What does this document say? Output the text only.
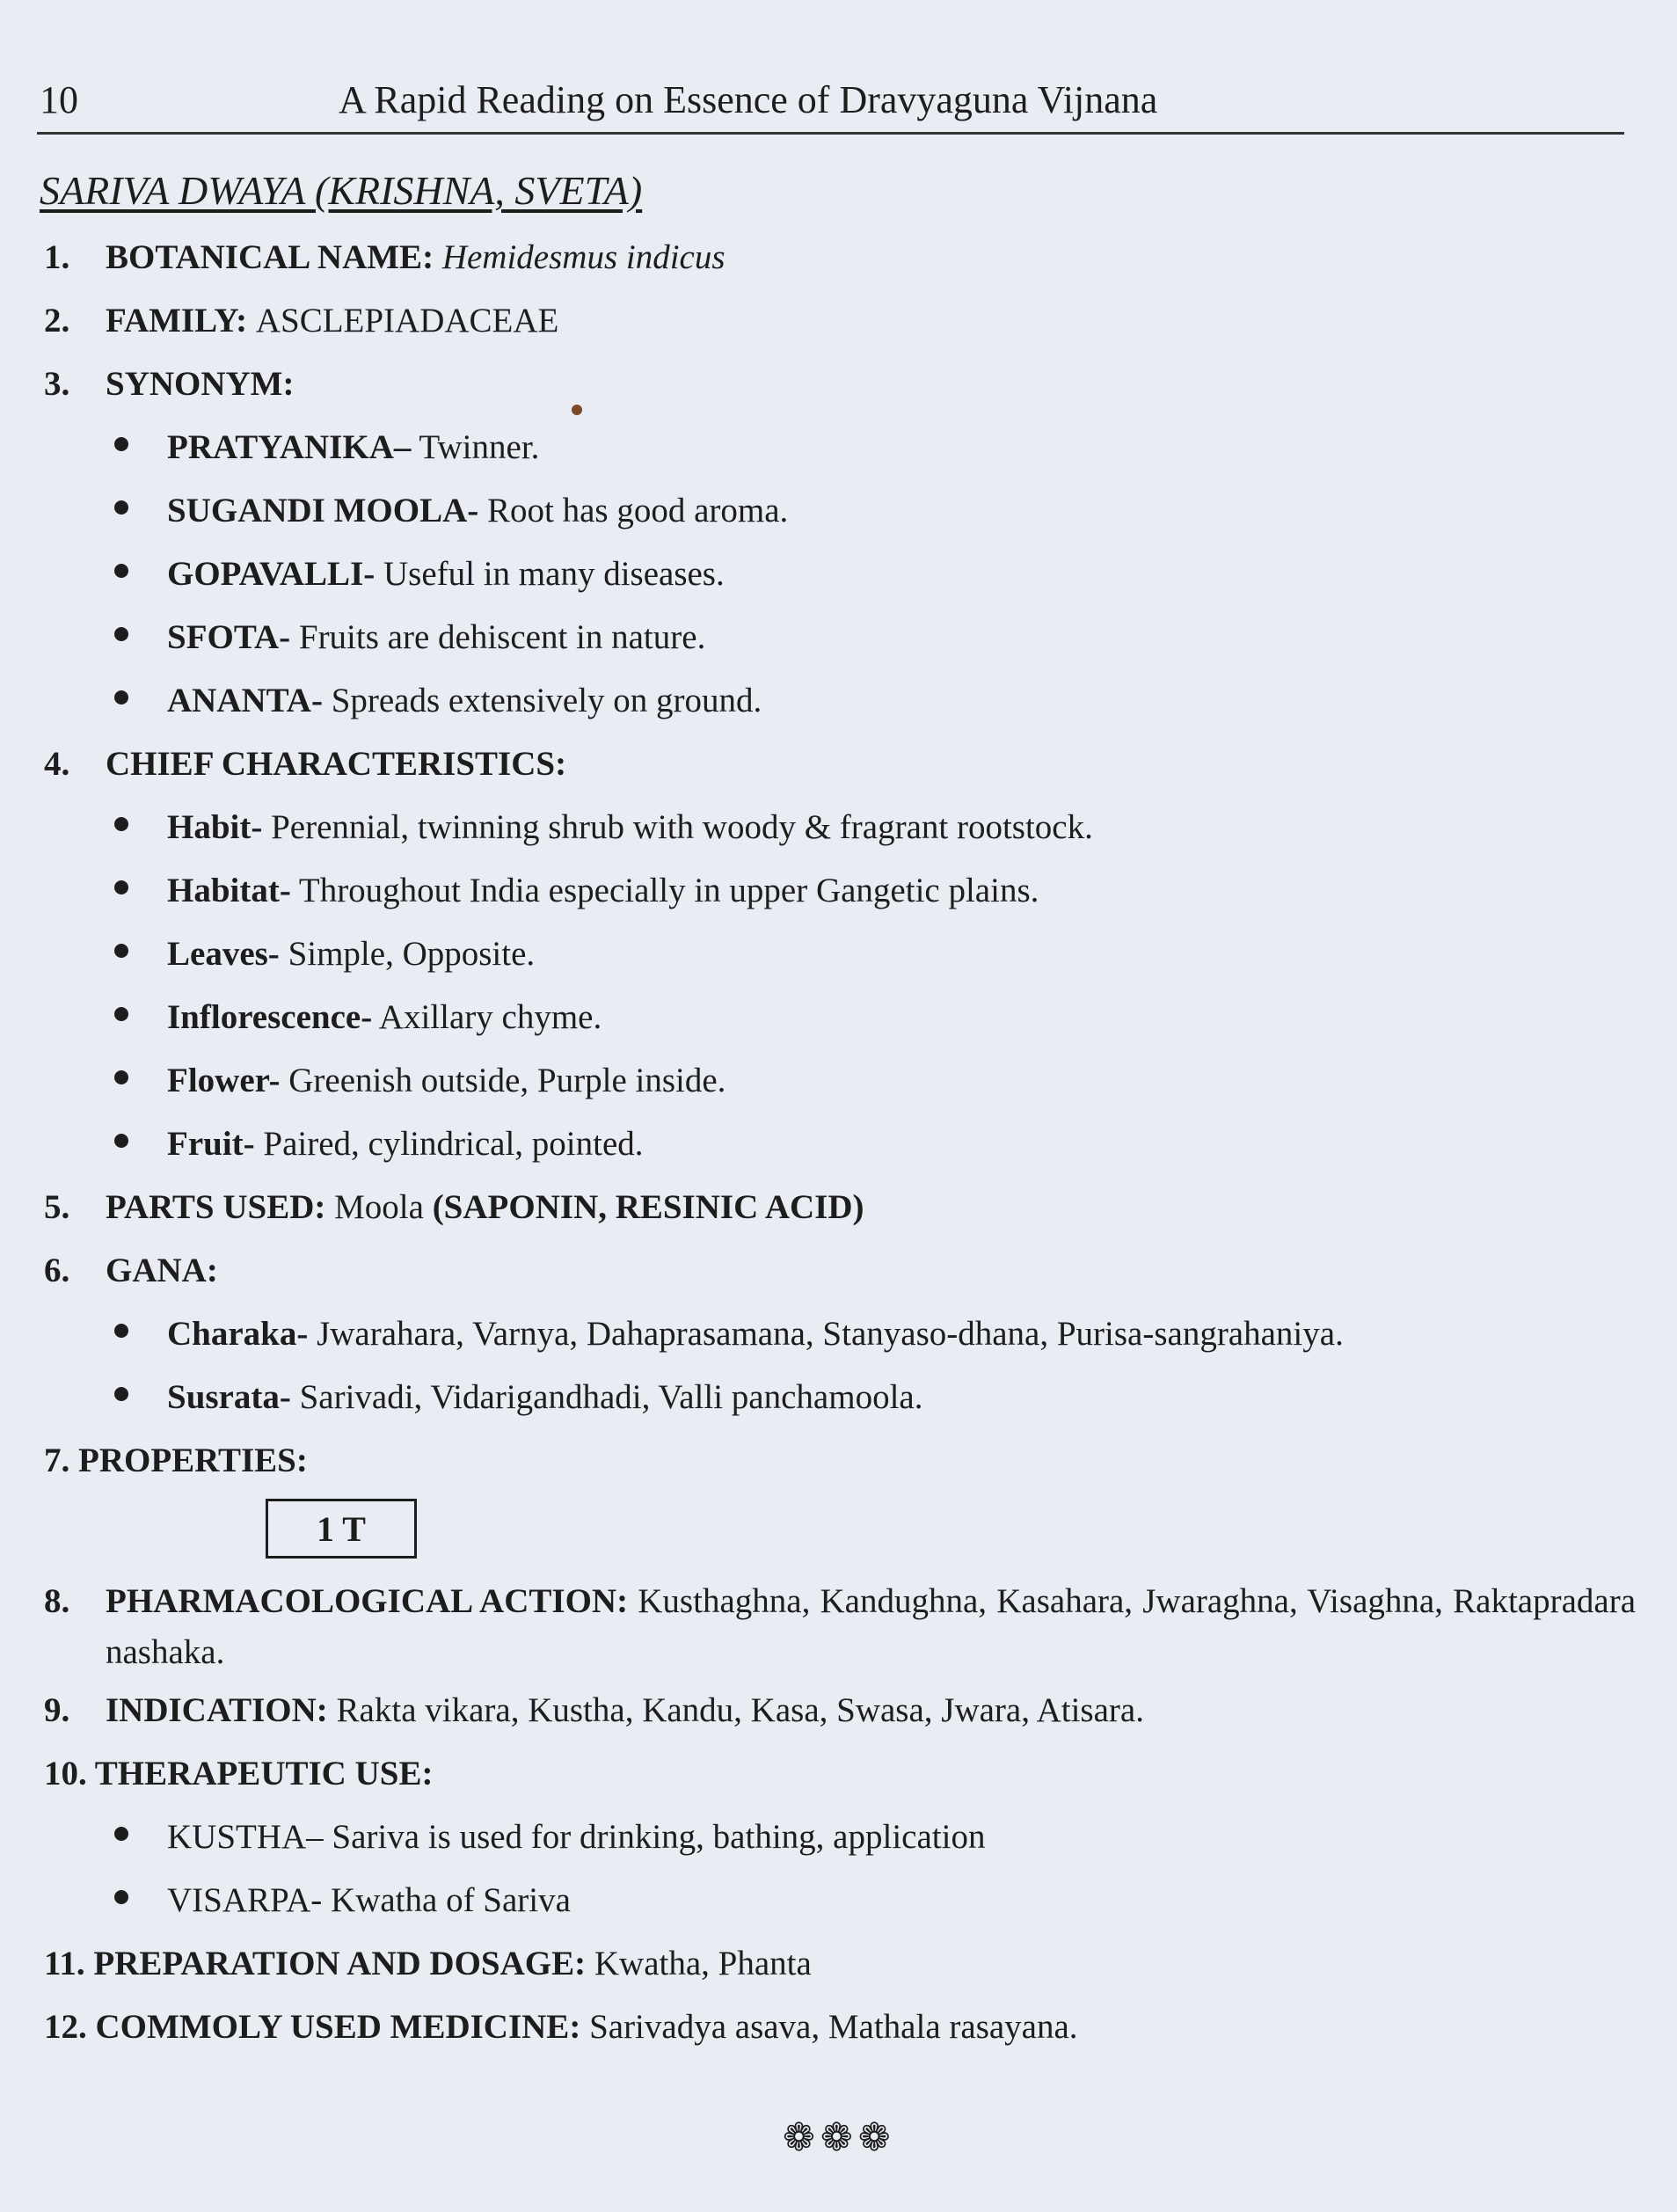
10	A Rapid Reading on Essence of Dravyaguna Vijnana
SARIVA DWAYA (KRISHNA, SVETA)
1.	BOTANICAL NAME: Hemidesmus indicus
2.	FAMILY: ASCLEPIADACEAE
3.	SYNONYM:
PRATYANIKA– Twinner.
SUGANDI MOOLA- Root has good aroma.
GOPAVALLI- Useful in many diseases.
SFOTA- Fruits are dehiscent in nature.
ANANTA- Spreads extensively on ground.
4.	CHIEF CHARACTERISTICS:
Habit- Perennial, twinning shrub with woody & fragrant rootstock.
Habitat- Throughout India especially in upper Gangetic plains.
Leaves- Simple, Opposite.
Inflorescence- Axillary chyme.
Flower- Greenish outside, Purple inside.
Fruit- Paired, cylindrical, pointed.
5.	PARTS USED: Moola (SAPONIN, RESINIC ACID)
6.	GANA:
Charaka- Jwarahara, Varnya, Dahaprasamana, Stanyaso-dhana, Purisa-sangrahaniya.
Susrata- Sarivadi, Vidarigandhadi, Valli panchamoola.
7. PROPERTIES:
1 T
8.	PHARMACOLOGICAL ACTION: Kusthaghna, Kandughna, Kasahara, Jwaraghna, Visaghna, Raktapradara nashaka.
9.	INDICATION: Rakta vikara, Kustha, Kandu, Kasa, Swasa, Jwara, Atisara.
10. THERAPEUTIC USE:
KUSTHA– Sariva is used for drinking, bathing, application
VISARPA- Kwatha of Sariva
11. PREPARATION AND DOSAGE: Kwatha, Phanta
12. COMMOLY USED MEDICINE: Sarivadya asava, Mathala rasayana.
❁❁❁
